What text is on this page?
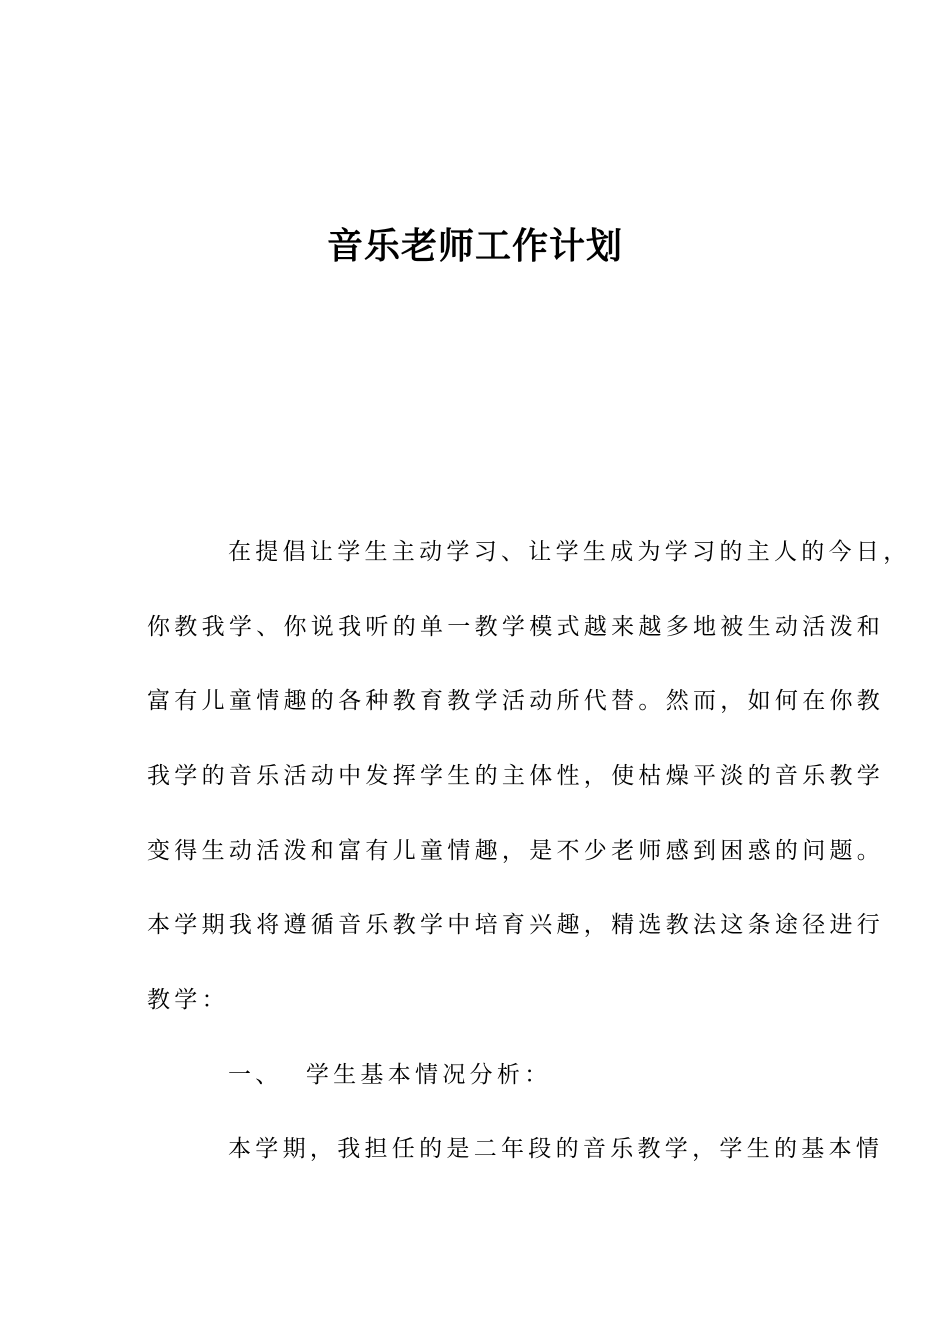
音乐老师工作计划

在提倡让学生主动学习、让学生成为学习的主人的今日，

你教我学、你说我听的单一教学模式越来越多地被生动活泼和

富有儿童情趣的各种教育教学活动所代替。然而，如何在你教

我学的音乐活动中发挥学生的主体性，使枯燥平淡的音乐教学

变得生动活泼和富有儿童情趣，是不少老师感到困惑的问题。

本学期我将遵循音乐教学中培育兴趣，精选教法这条途径进行

教学：

一、  学生基本情况分析：

本学期，我担任的是二年段的音乐教学，学生的基本情
